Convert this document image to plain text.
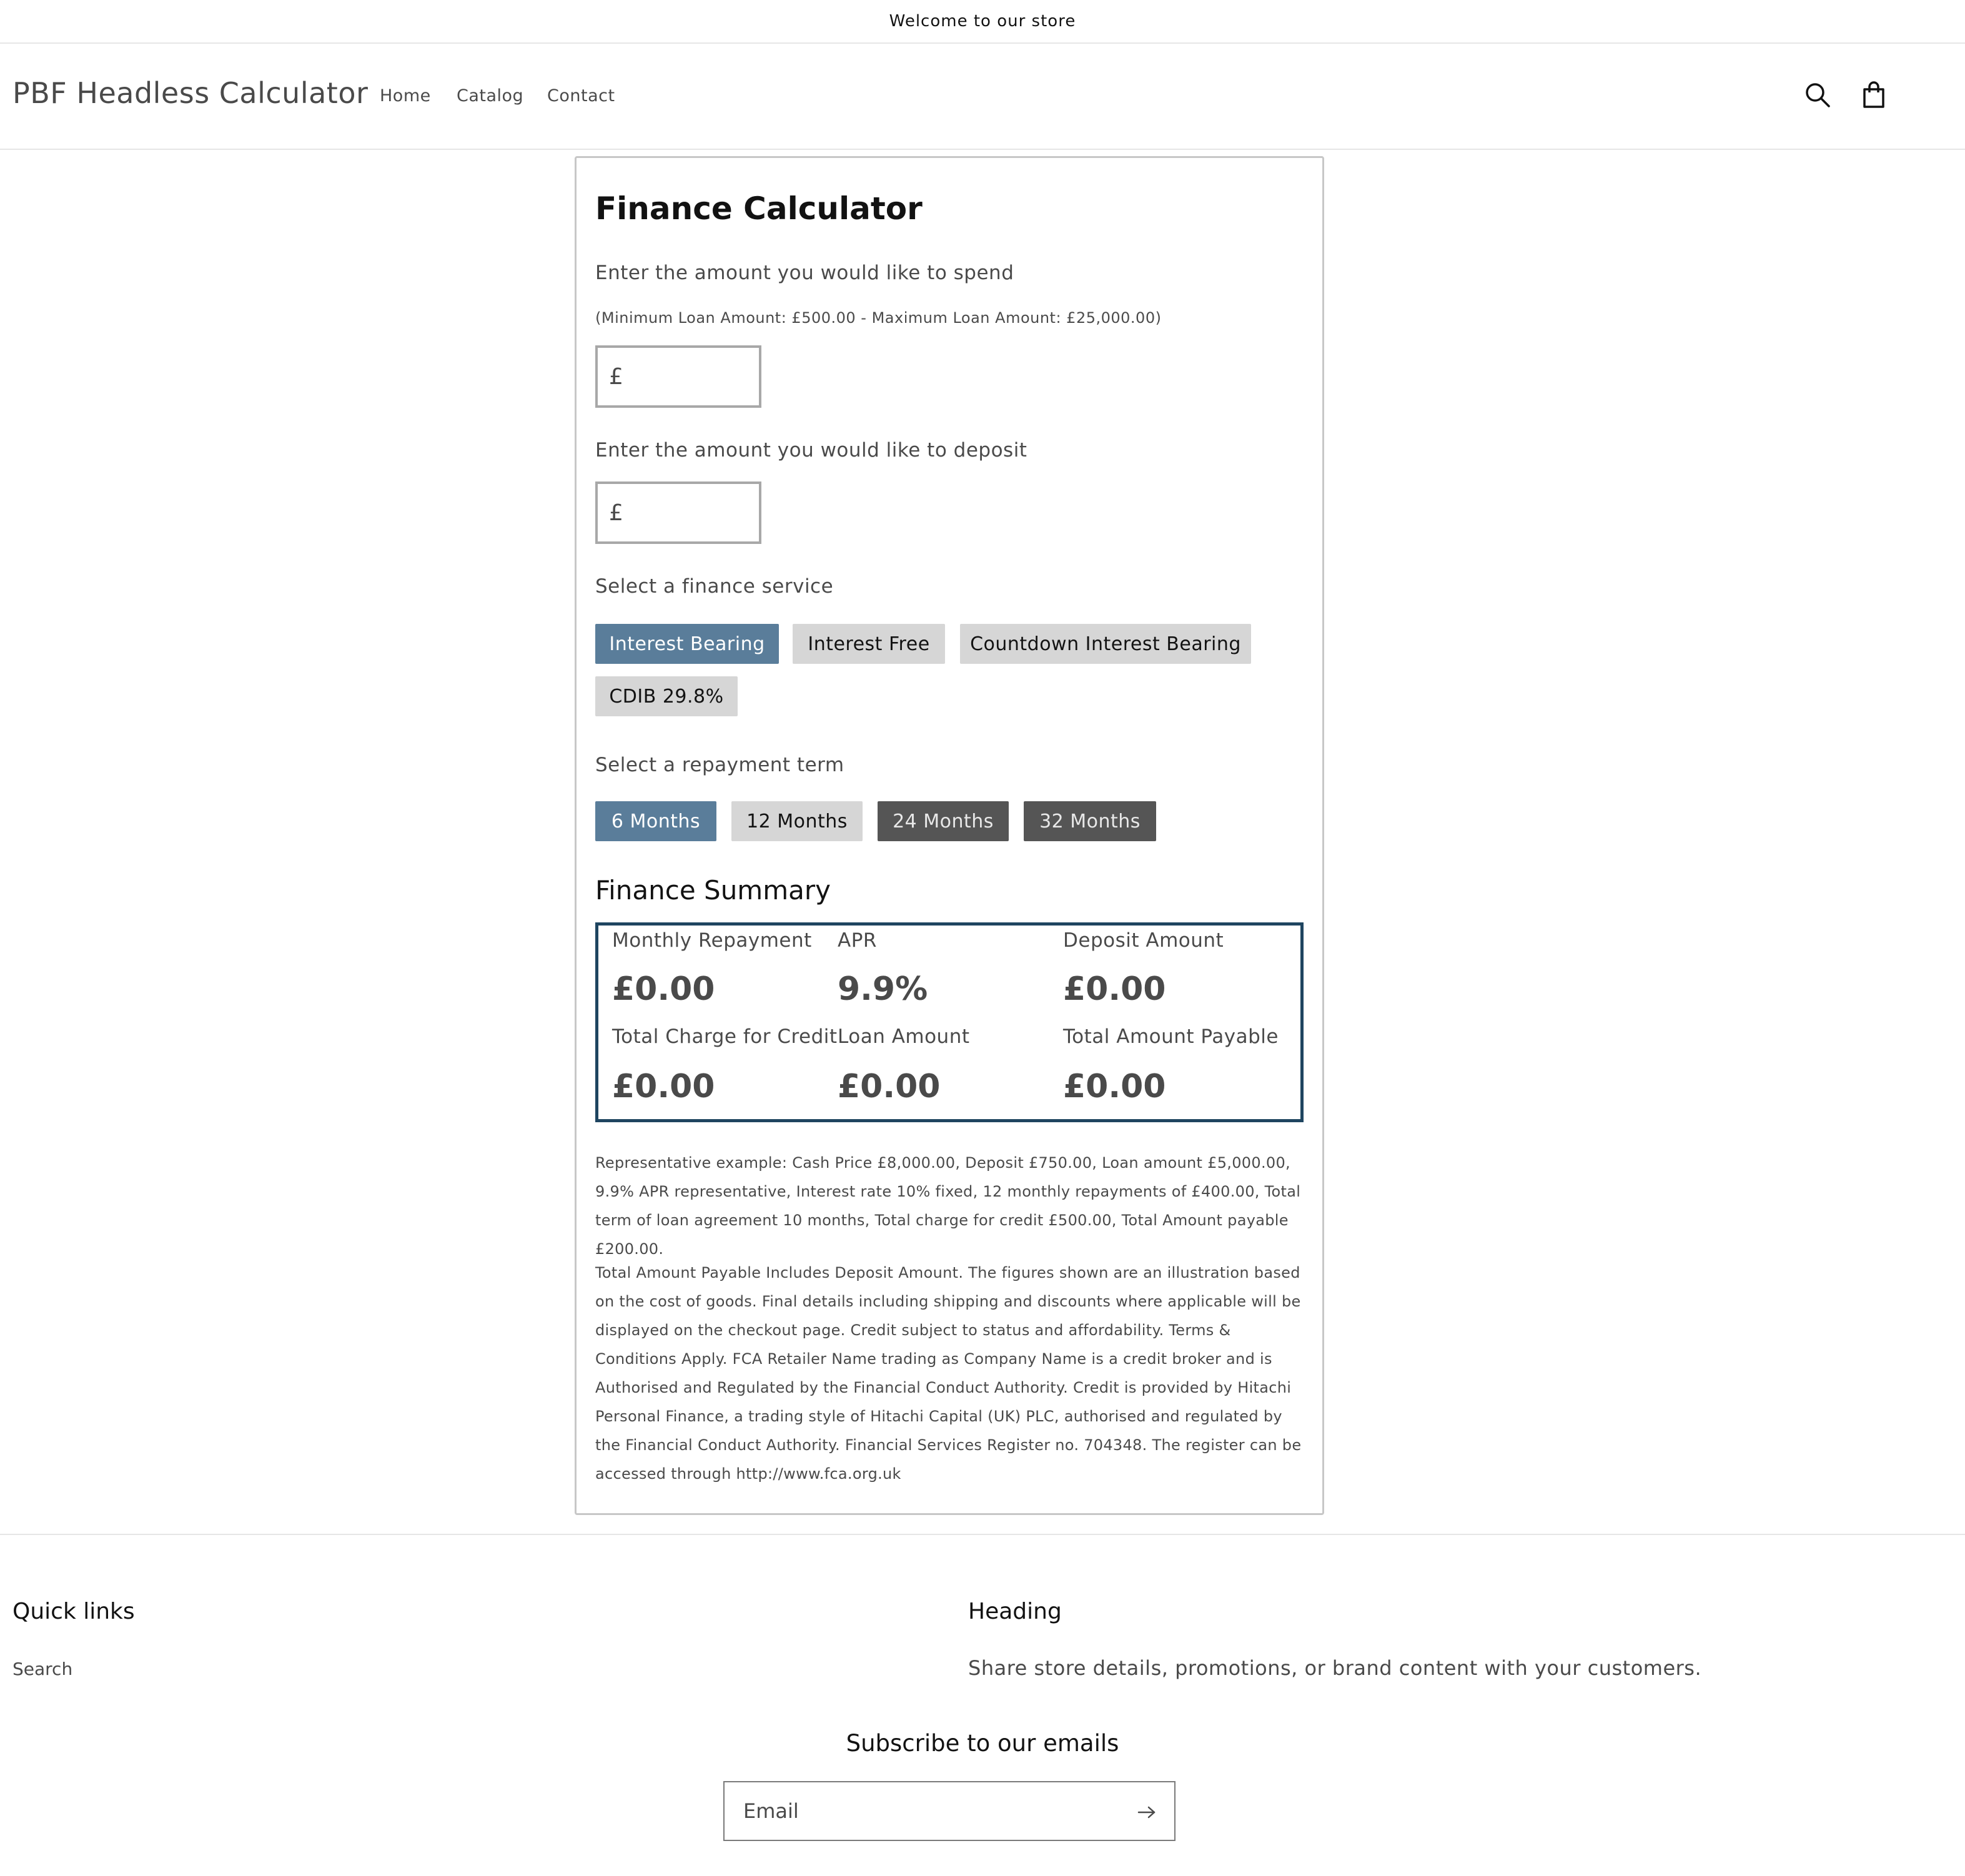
Welcome to our store
PBF Headless Calculator Home Catalog Contact
Finance Calculator
Enter the amount you would like to spend
(Minimum Loan Amount: £500.00 - Maximum Loan Amount: £25,000.00)
£
Enter the amount you would like to deposit
£
Select a finance service
Interest Bearing	Interest Free	Countdown Interest Bearing
CDIB 29.8%
Select a repayment term
6 Months	12 Months	24 Months	32 Months
Finance Summary
Monthly Repayment
£0.00
APR
9.9%
Deposit Amount
£0.00
Total Charge for Credit
£0.00
Loan Amount
£0.00
Total Amount Payable
£0.00

Representative example: Cash Price £8,000.00, Deposit £750.00, Loan amount £5,000.00, 9.9% APR representative, Interest rate 10% fixed, 12 monthly repayments of £400.00, Total term of loan agreement 10 months, Total charge for credit £500.00, Total Amount payable £200.00.

Total Amount Payable Includes Deposit Amount. The figures shown are an illustration based on the cost of goods. Final details including shipping and discounts where applicable will be displayed on the checkout page. Credit subject to status and affordability. Terms & Conditions Apply. FCA Retailer Name trading as Company Name is a credit broker and is Authorised and Regulated by the Financial Conduct Authority. Credit is provided by Hitachi Personal Finance, a trading style of Hitachi Capital (UK) PLC, authorised and regulated by the Financial Conduct Authority. Financial Services Register no. 704348. The register can be accessed through http://www.fca.org.uk

Quick links
Search
Heading
Share store details, promotions, or brand content with your customers.
Subscribe to our emails
Email
